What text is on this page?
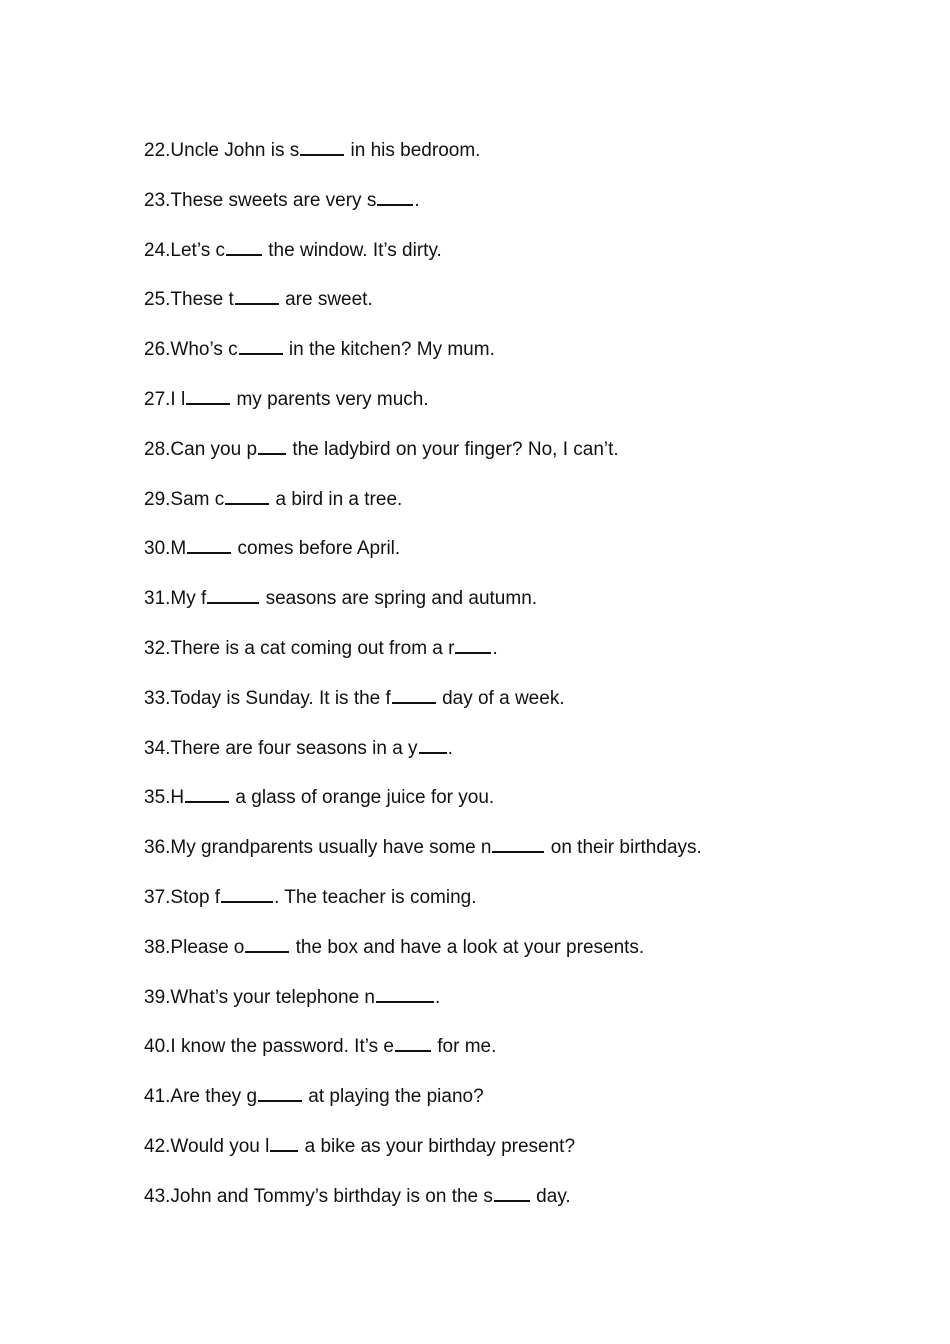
22.Uncle John is s in his bedroom.
23.These sweets are very s .
24.Let’s c the window. It’s dirty.
25.These t are sweet.
26.Who’s c in the kitchen? My mum.
27.I l my parents very much.
28.Can you p the ladybird on your finger? No, I can’t.
29.Sam c a bird in a tree.
30.M comes before April.
31.My f	seasons are spring and autumn.
32.There is a cat coming out from a r .
33.Today is Sunday. It is the f day of a week.
34.There are four seasons in a y .
35.H a glass of orange juice for you.
36.My grandparents usually have some n	on their birthdays.
37.Stop f	. The teacher is coming.
38.Please o the box and have a look at your presents.
39.What’s your telephone n	.
40.I know the password. It’s e for me.
41.Are they g at playing the piano?
42.Would you l a bike as your birthday present?
43.John and Tommy’s birthday is on the s day.
